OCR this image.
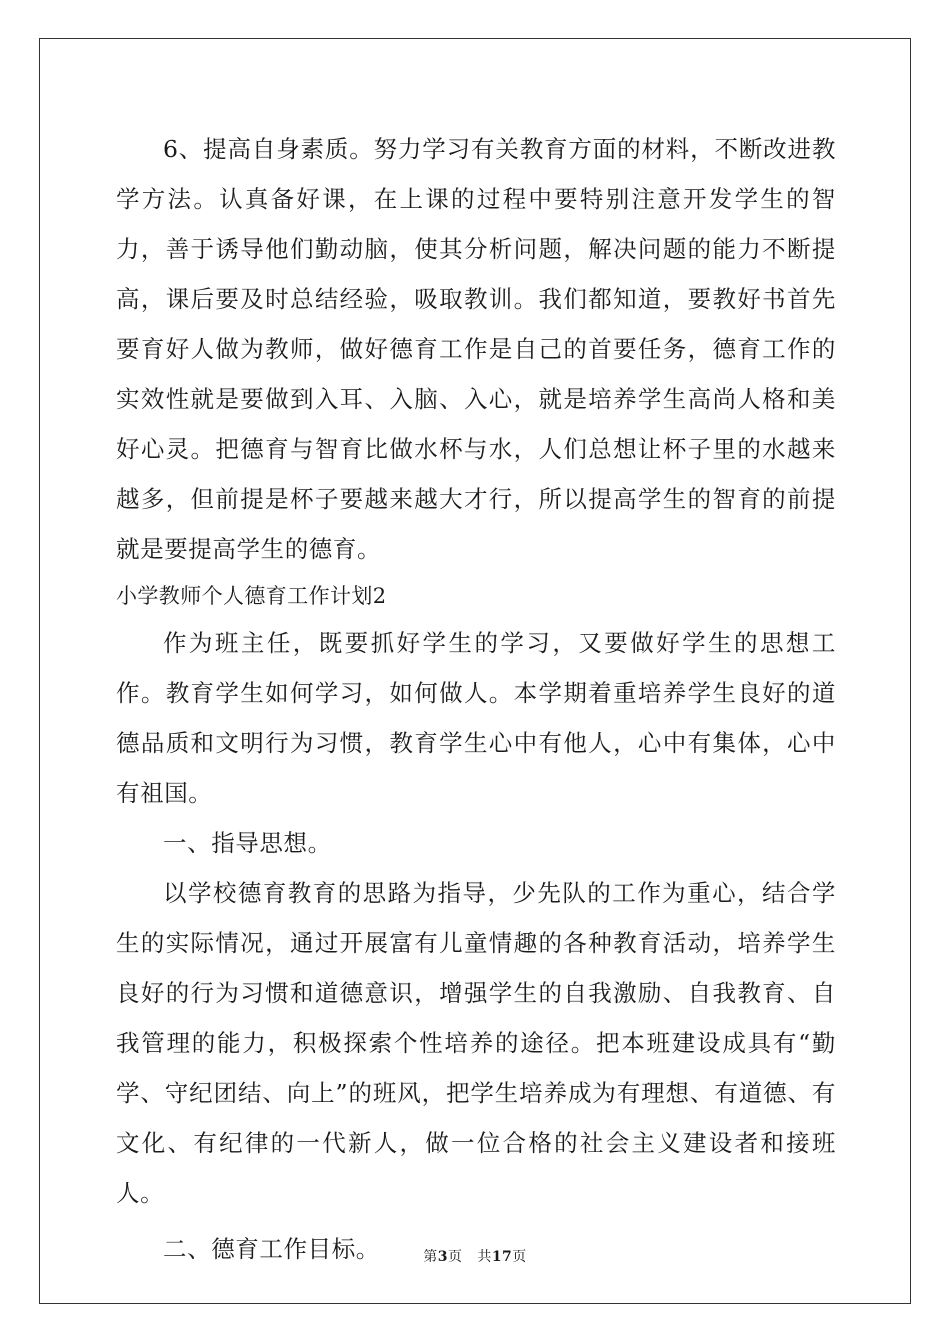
6、提高自身素质。努力学习有关教育方面的材料，不断改进教学方法。认真备好课，在上课的过程中要特别注意开发学生的智力，善于诱导他们勤动脑，使其分析问题，解决问题的能力不断提高，课后要及时总结经验，吸取教训。我们都知道，要教好书首先要育好人做为教师，做好德育工作是自己的首要任务，德育工作的实效性就是要做到入耳、入脑、入心，就是培养学生高尚人格和美好心灵。把德育与智育比做水杯与水，人们总想让杯子里的水越来越多，但前提是杯子要越来越大才行，所以提高学生的智育的前提就是要提高学生的德育。

小学教师个人德育工作计划2

作为班主任，既要抓好学生的学习，又要做好学生的思想工作。教育学生如何学习，如何做人。本学期着重培养学生良好的道德品质和文明行为习惯，教育学生心中有他人，心中有集体，心中有祖国。

一、指导思想。

以学校德育教育的思路为指导，少先队的工作为重心，结合学生的实际情况，通过开展富有儿童情趣的各种教育活动，培养学生良好的行为习惯和道德意识，增强学生的自我激励、自我教育、自我管理的能力，积极探索个性培养的途径。把本班建设成具有“勤学、守纪团结、向上”的班风，把学生培养成为有理想、有道德、有文化、有纪律的一代新人，做一位合格的社会主义建设者和接班人。

二、德育工作目标。	第3页 共17页
